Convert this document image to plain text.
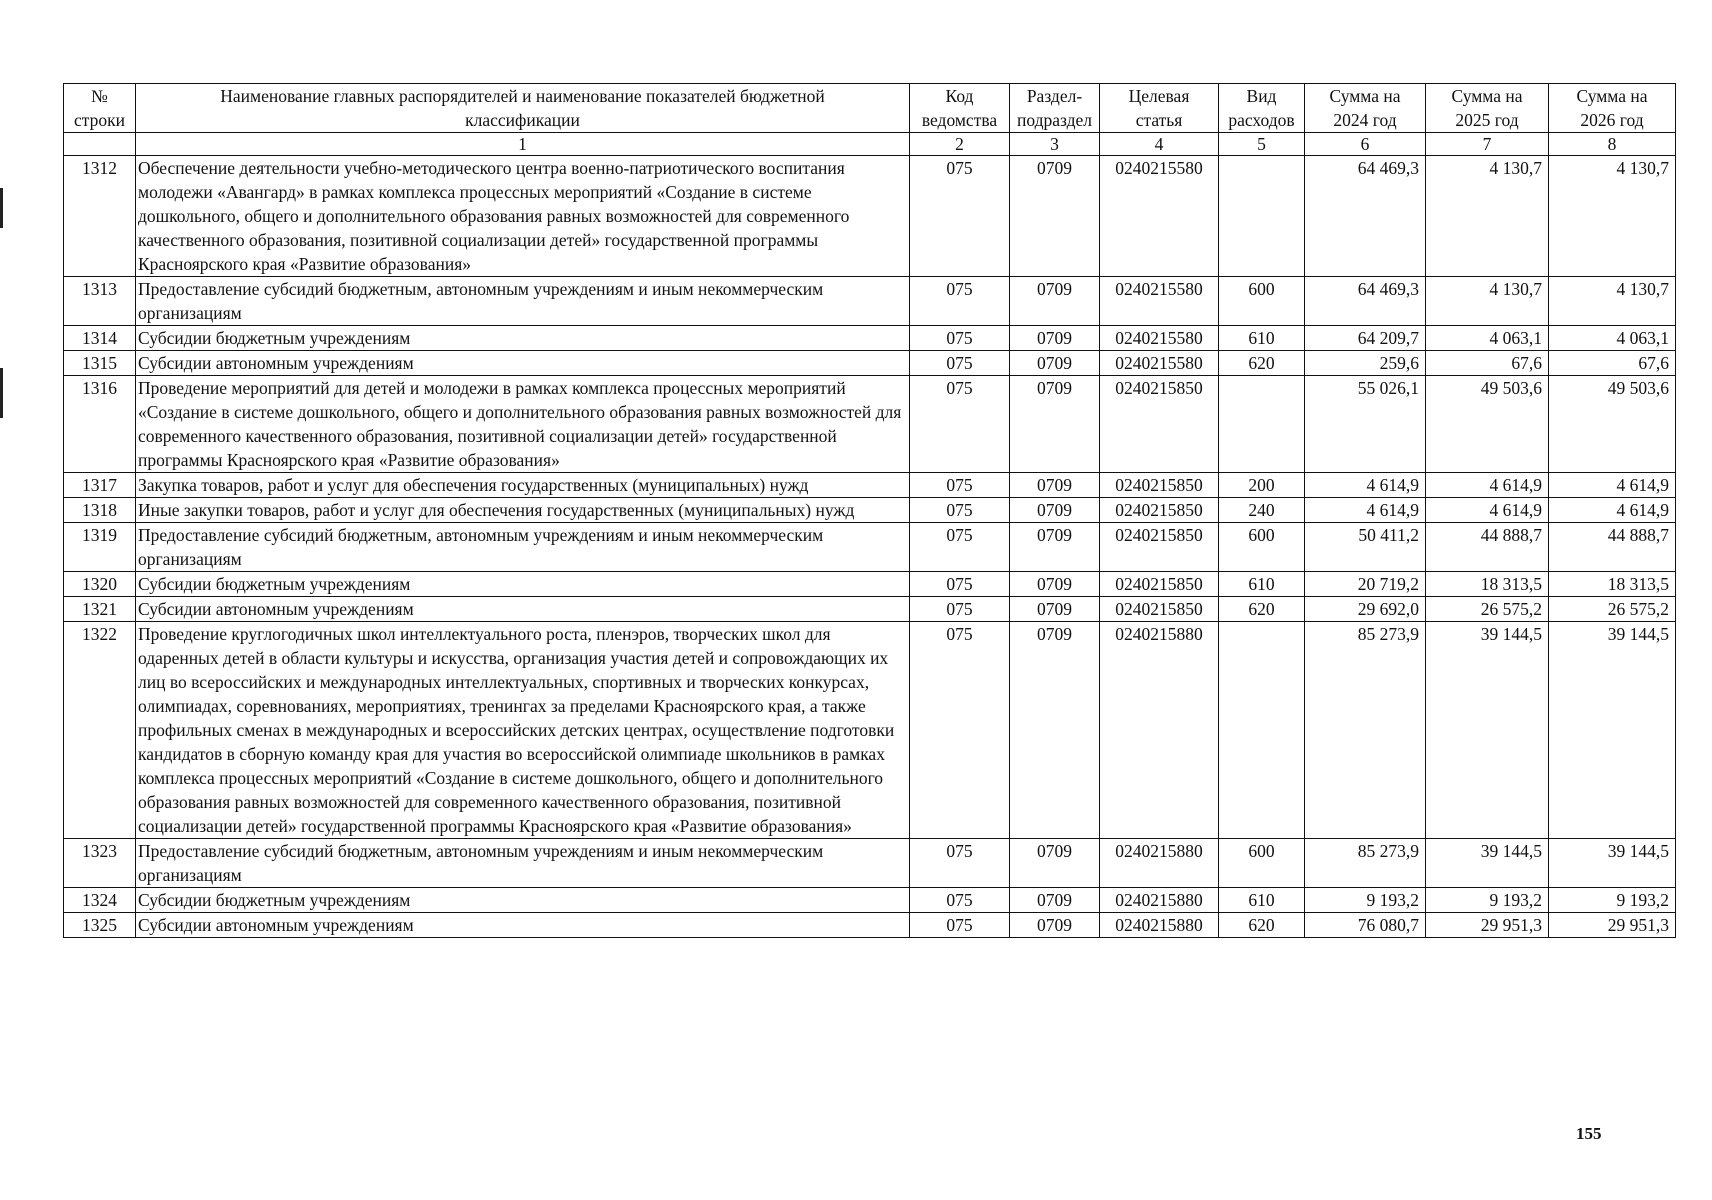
№ строки	Наименование главных распорядителей и наименование показателей бюджетной классификации	Код ведомства	Раздел-подраздел	Целевая статья	Вид расходов	Сумма на 2024 год	Сумма на 2025 год	Сумма на 2026 год
	1	2	3	4	5	6	7	8
1312	Обеспечение деятельности учебно-методического центра военно-патриотического воспитания молодежи «Авангард» в рамках комплекса процессных мероприятий «Создание в системе дошкольного, общего и дополнительного образования равных возможностей для современного качественного образования, позитивной социализации детей» государственной программы Красноярского края «Развитие образования»	075	0709	0240215580		64 469,3	4 130,7	4 130,7
1313	Предоставление субсидий бюджетным, автономным учреждениям и иным некоммерческим организациям	075	0709	0240215580	600	64 469,3	4 130,7	4 130,7
1314	Субсидии бюджетным учреждениям	075	0709	0240215580	610	64 209,7	4 063,1	4 063,1
1315	Субсидии автономным учреждениям	075	0709	0240215580	620	259,6	67,6	67,6
1316	Проведение мероприятий для детей и молодежи в рамках комплекса процессных мероприятий «Создание в системе дошкольного, общего и дополнительного образования равных возможностей для современного качественного образования, позитивной социализации детей» государственной программы Красноярского края «Развитие образования»	075	0709	0240215850		55 026,1	49 503,6	49 503,6
1317	Закупка товаров, работ и услуг для обеспечения государственных (муниципальных) нужд	075	0709	0240215850	200	4 614,9	4 614,9	4 614,9
1318	Иные закупки товаров, работ и услуг для обеспечения государственных (муниципальных) нужд	075	0709	0240215850	240	4 614,9	4 614,9	4 614,9
1319	Предоставление субсидий бюджетным, автономным учреждениям и иным некоммерческим организациям	075	0709	0240215850	600	50 411,2	44 888,7	44 888,7
1320	Субсидии бюджетным учреждениям	075	0709	0240215850	610	20 719,2	18 313,5	18 313,5
1321	Субсидии автономным учреждениям	075	0709	0240215850	620	29 692,0	26 575,2	26 575,2
1322	Проведение круглогодичных школ интеллектуального роста, пленэров, творческих школ для одаренных детей в области культуры и искусства, организация участия детей и сопровождающих их лиц во всероссийских и международных интеллектуальных, спортивных и творческих конкурсах, олимпиадах, соревнованиях, мероприятиях, тренингах за пределами Красноярского края, а также профильных сменах в международных и всероссийских детских центрах, осуществление подготовки кандидатов в сборную команду края для участия во всероссийской олимпиаде школьников в рамках комплекса процессных мероприятий «Создание в системе дошкольного, общего и дополнительного образования равных возможностей для современного качественного образования, позитивной социализации детей» государственной программы Красноярского края «Развитие образования»	075	0709	0240215880		85 273,9	39 144,5	39 144,5
1323	Предоставление субсидий бюджетным, автономным учреждениям и иным некоммерческим организациям	075	0709	0240215880	600	85 273,9	39 144,5	39 144,5
1324	Субсидии бюджетным учреждениям	075	0709	0240215880	610	9 193,2	9 193,2	9 193,2
1325	Субсидии автономным учреждениям	075	0709	0240215880	620	76 080,7	29 951,3	29 951,3
155
